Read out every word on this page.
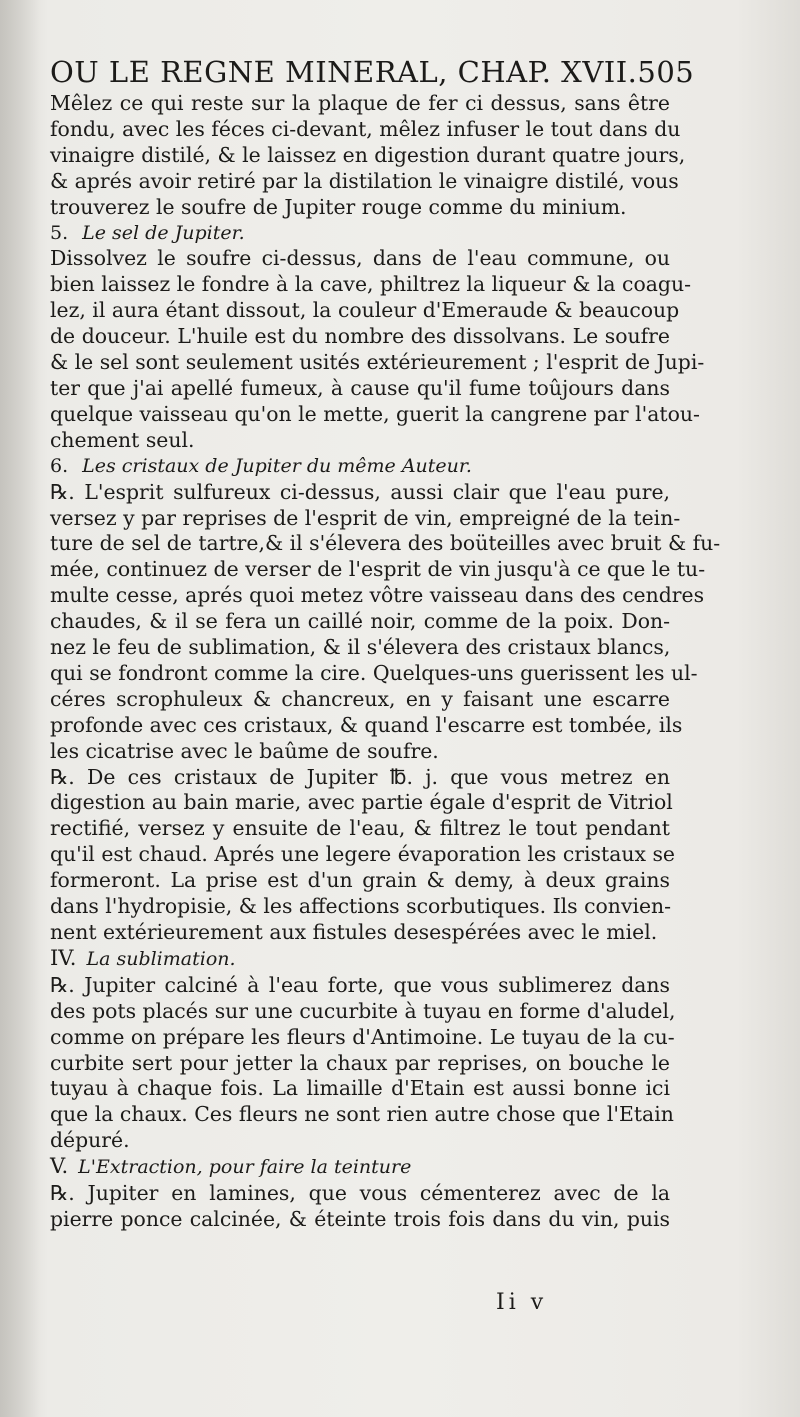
OU LE REGNE MINERAL, CHAP. XVII. 505
Mêlez ce qui reste sur la plaque de fer ci dessus, sans être
fondu, avec les féces ci-devant, mêlez infuser le tout dans du
vinaigre distilé, & le laissez en digestion durant quatre jours,
& aprés avoir retiré par la distilation le vinaigre distilé, vous
trouverez le soufre de Jupiter rouge comme du minium.
5. Le sel de Jupiter.
Dissolvez le soufre ci-dessus, dans de l'eau commune, ou
bien laissez le fondre à la cave, philtrez la liqueur & la coagu-
lez, il aura étant dissout, la couleur d'Emeraude & beaucoup
de douceur. L'huile est du nombre des dissolvans. Le soufre
& le sel sont seulement usités extérieurement ; l'esprit de Jupi-
ter que j'ai apellé fumeux, à cause qu'il fume toûjours dans
quelque vaisseau qu'on le mette, guerit la cangrene par l'atou-
chement seul.
6. Les cristaux de Jupiter du même Auteur.
℞. L'esprit sulfureux ci-dessus, aussi clair que l'eau pure,
versez y par reprises de l'esprit de vin, empreigné de la tein-
ture de sel de tartre,& il s'élevera des boüteilles avec bruit & fu-
mée, continuez de verser de l'esprit de vin jusqu'à ce que le tu-
multe cesse, aprés quoi metez vôtre vaisseau dans des cendres
chaudes, & il se fera un caillé noir, comme de la poix. Don-
nez le feu de sublimation, & il s'élevera des cristaux blancs,
qui se fondront comme la cire. Quelques-uns guerissent les ul-
céres scrophuleux & chancreux, en y faisant une escarre
profonde avec ces cristaux, & quand l'escarre est tombée, ils
les cicatrise avec le baûme de soufre.
℞. De ces cristaux de Jupiter ℔. j. que vous metrez en
digestion au bain marie, avec partie égale d'esprit de Vitriol
rectifié, versez y ensuite de l'eau, & filtrez le tout pendant
qu'il est chaud. Aprés une legere évaporation les cristaux se
formeront. La prise est d'un grain & demy, à deux grains
dans l'hydropisie, & les affections scorbutiques. Ils convien-
nent extérieurement aux fistules desespérées avec le miel.
IV. La sublimation.
℞. Jupiter calciné à l'eau forte, que vous sublimerez dans
des pots placés sur une cucurbite à tuyau en forme d'aludel,
comme on prépare les fleurs d'Antimoine. Le tuyau de la cu-
curbite sert pour jetter la chaux par reprises, on bouche le
tuyau à chaque fois. La limaille d'Etain est aussi bonne ici
que la chaux. Ces fleurs ne sont rien autre chose que l'Etain
dépuré.
V. L'Extraction, pour faire la teinture
℞. Jupiter en lamines, que vous cémenterez avec de la
pierre ponce calcinée, & éteinte trois fois dans du vin, puis
Ii v
